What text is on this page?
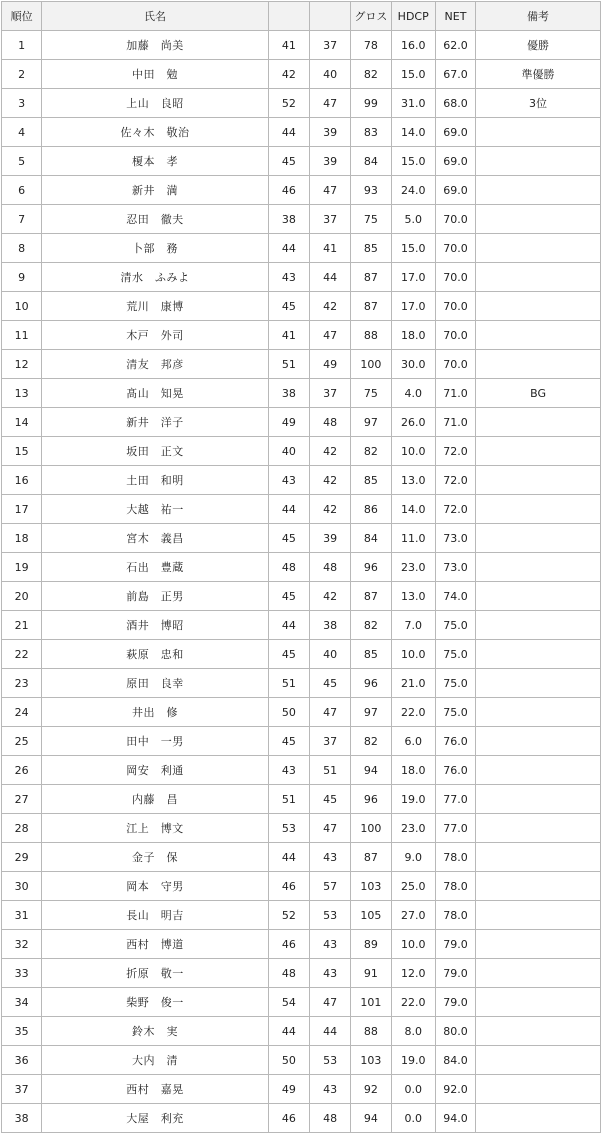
順位	氏名			グロス	HDCP	NET	備考
1	加藤　尚美	41	37	78	16.0	62.0	優勝
2	中田　勉	42	40	82	15.0	67.0	準優勝
3	上山　良昭	52	47	99	31.0	68.0	3位
4	佐々木　敬治	44	39	83	14.0	69.0	
5	榎本　孝	45	39	84	15.0	69.0	
6	新井　満	46	47	93	24.0	69.0	
7	忍田　徹夫	38	37	75	5.0	70.0	
8	卜部　務	44	41	85	15.0	70.0	
9	清水　ふみよ	43	44	87	17.0	70.0	
10	荒川　康博	45	42	87	17.0	70.0	
11	木戸　外司	41	47	88	18.0	70.0	
12	清友　邦彦	51	49	100	30.0	70.0	
13	髙山　知晃	38	37	75	4.0	71.0	BG
14	新井　洋子	49	48	97	26.0	71.0	
15	坂田　正文	40	42	82	10.0	72.0	
16	土田　和明	43	42	85	13.0	72.0	
17	大越　祐一	44	42	86	14.0	72.0	
18	宮木　義昌	45	39	84	11.0	73.0	
19	石出　豊蔵	48	48	96	23.0	73.0	
20	前島　正男	45	42	87	13.0	74.0	
21	酒井　博昭	44	38	82	7.0	75.0	
22	萩原　忠和	45	40	85	10.0	75.0	
23	原田　良幸	51	45	96	21.0	75.0	
24	井出　修	50	47	97	22.0	75.0	
25	田中　一男	45	37	82	6.0	76.0	
26	岡安　利通	43	51	94	18.0	76.0	
27	内藤　昌	51	45	96	19.0	77.0	
28	江上　博文	53	47	100	23.0	77.0	
29	金子　保	44	43	87	9.0	78.0	
30	岡本　守男	46	57	103	25.0	78.0	
31	長山　明吉	52	53	105	27.0	78.0	
32	西村　博道	46	43	89	10.0	79.0	
33	折原　敬一	48	43	91	12.0	79.0	
34	柴野　俊一	54	47	101	22.0	79.0	
35	鈴木　実	44	44	88	8.0	80.0	
36	大内　清	50	53	103	19.0	84.0	
37	西村　嘉晃	49	43	92	0.0	92.0	
38	大屋　利充	46	48	94	0.0	94.0	
